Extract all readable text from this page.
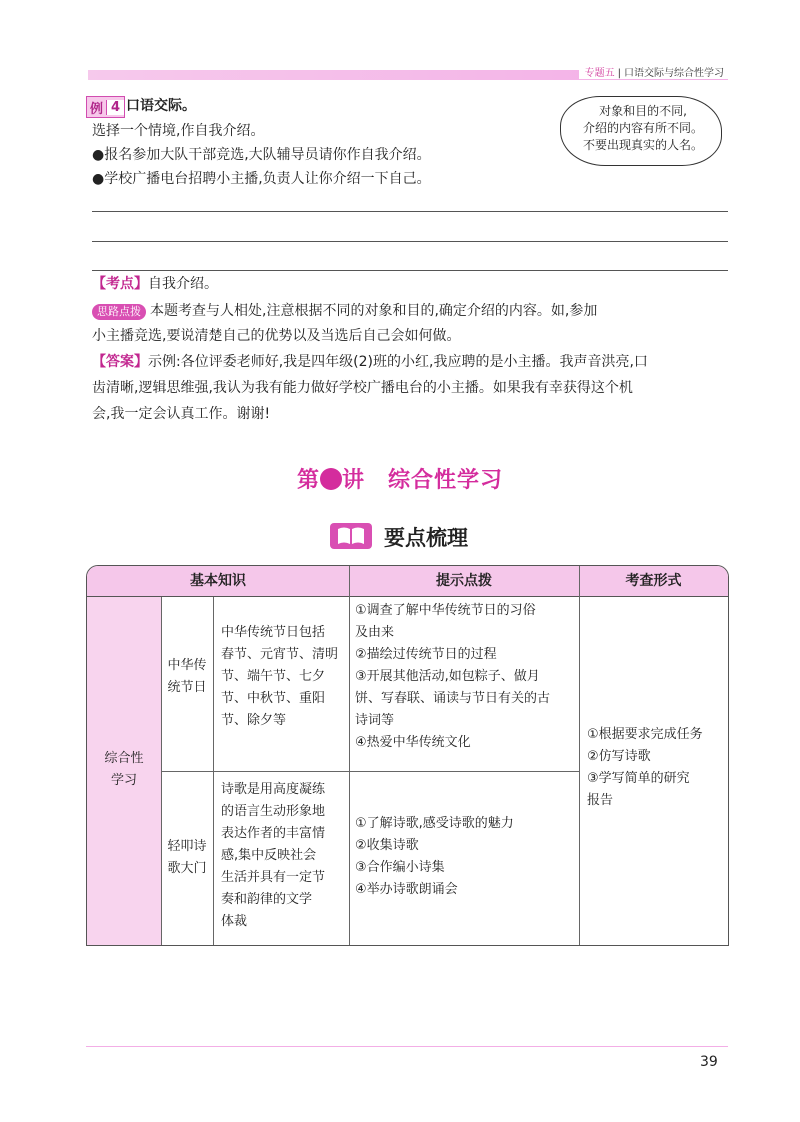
专题五 | 口语交际与综合性学习
例 4 口语交际。
选择一个情境,作自我介绍。
●报名参加大队干部竞选,大队辅导员请你作自我介绍。
●学校广播电台招聘小主播,负责人让你介绍一下自己。
对象和目的不同,
介绍的内容有所不同。
不要出现真实的人名。
【考点】自我介绍。
思路点拨 本题考查与人相处,注意根据不同的对象和目的,确定介绍的内容。如,参加
小主播竞选,要说清楚自己的优势以及当选后自己会如何做。
【答案】示例:各位评委老师好,我是四年级(2)班的小红,我应聘的是小主播。我声音洪亮,口
齿清晰,逻辑思维强,我认为我有能力做好学校广播电台的小主播。如果我有幸获得这个机
会,我一定会认真工作。谢谢!
第 讲　综合性学习
要点梳理
基本知识	提示点拨	考查形式
综合性
学习
中华传
统节日
中华传统节日包括
春节、元宵节、清明
节、端午节、七夕
节、中秋节、重阳
节、除夕等
①调查了解中华传统节日的习俗
及由来
②描绘过传统节日的过程
③开展其他活动,如包粽子、做月
饼、写春联、诵读与节日有关的古
诗词等
④热爱中华传统文化
轻叩诗
歌大门
诗歌是用高度凝练
的语言生动形象地
表达作者的丰富情
感,集中反映社会
生活并具有一定节
奏和韵律的文学
体裁
①了解诗歌,感受诗歌的魅力
②收集诗歌
③合作编小诗集
④举办诗歌朗诵会
①根据要求完成任务
②仿写诗歌
③学写简单的研究
报告
39
